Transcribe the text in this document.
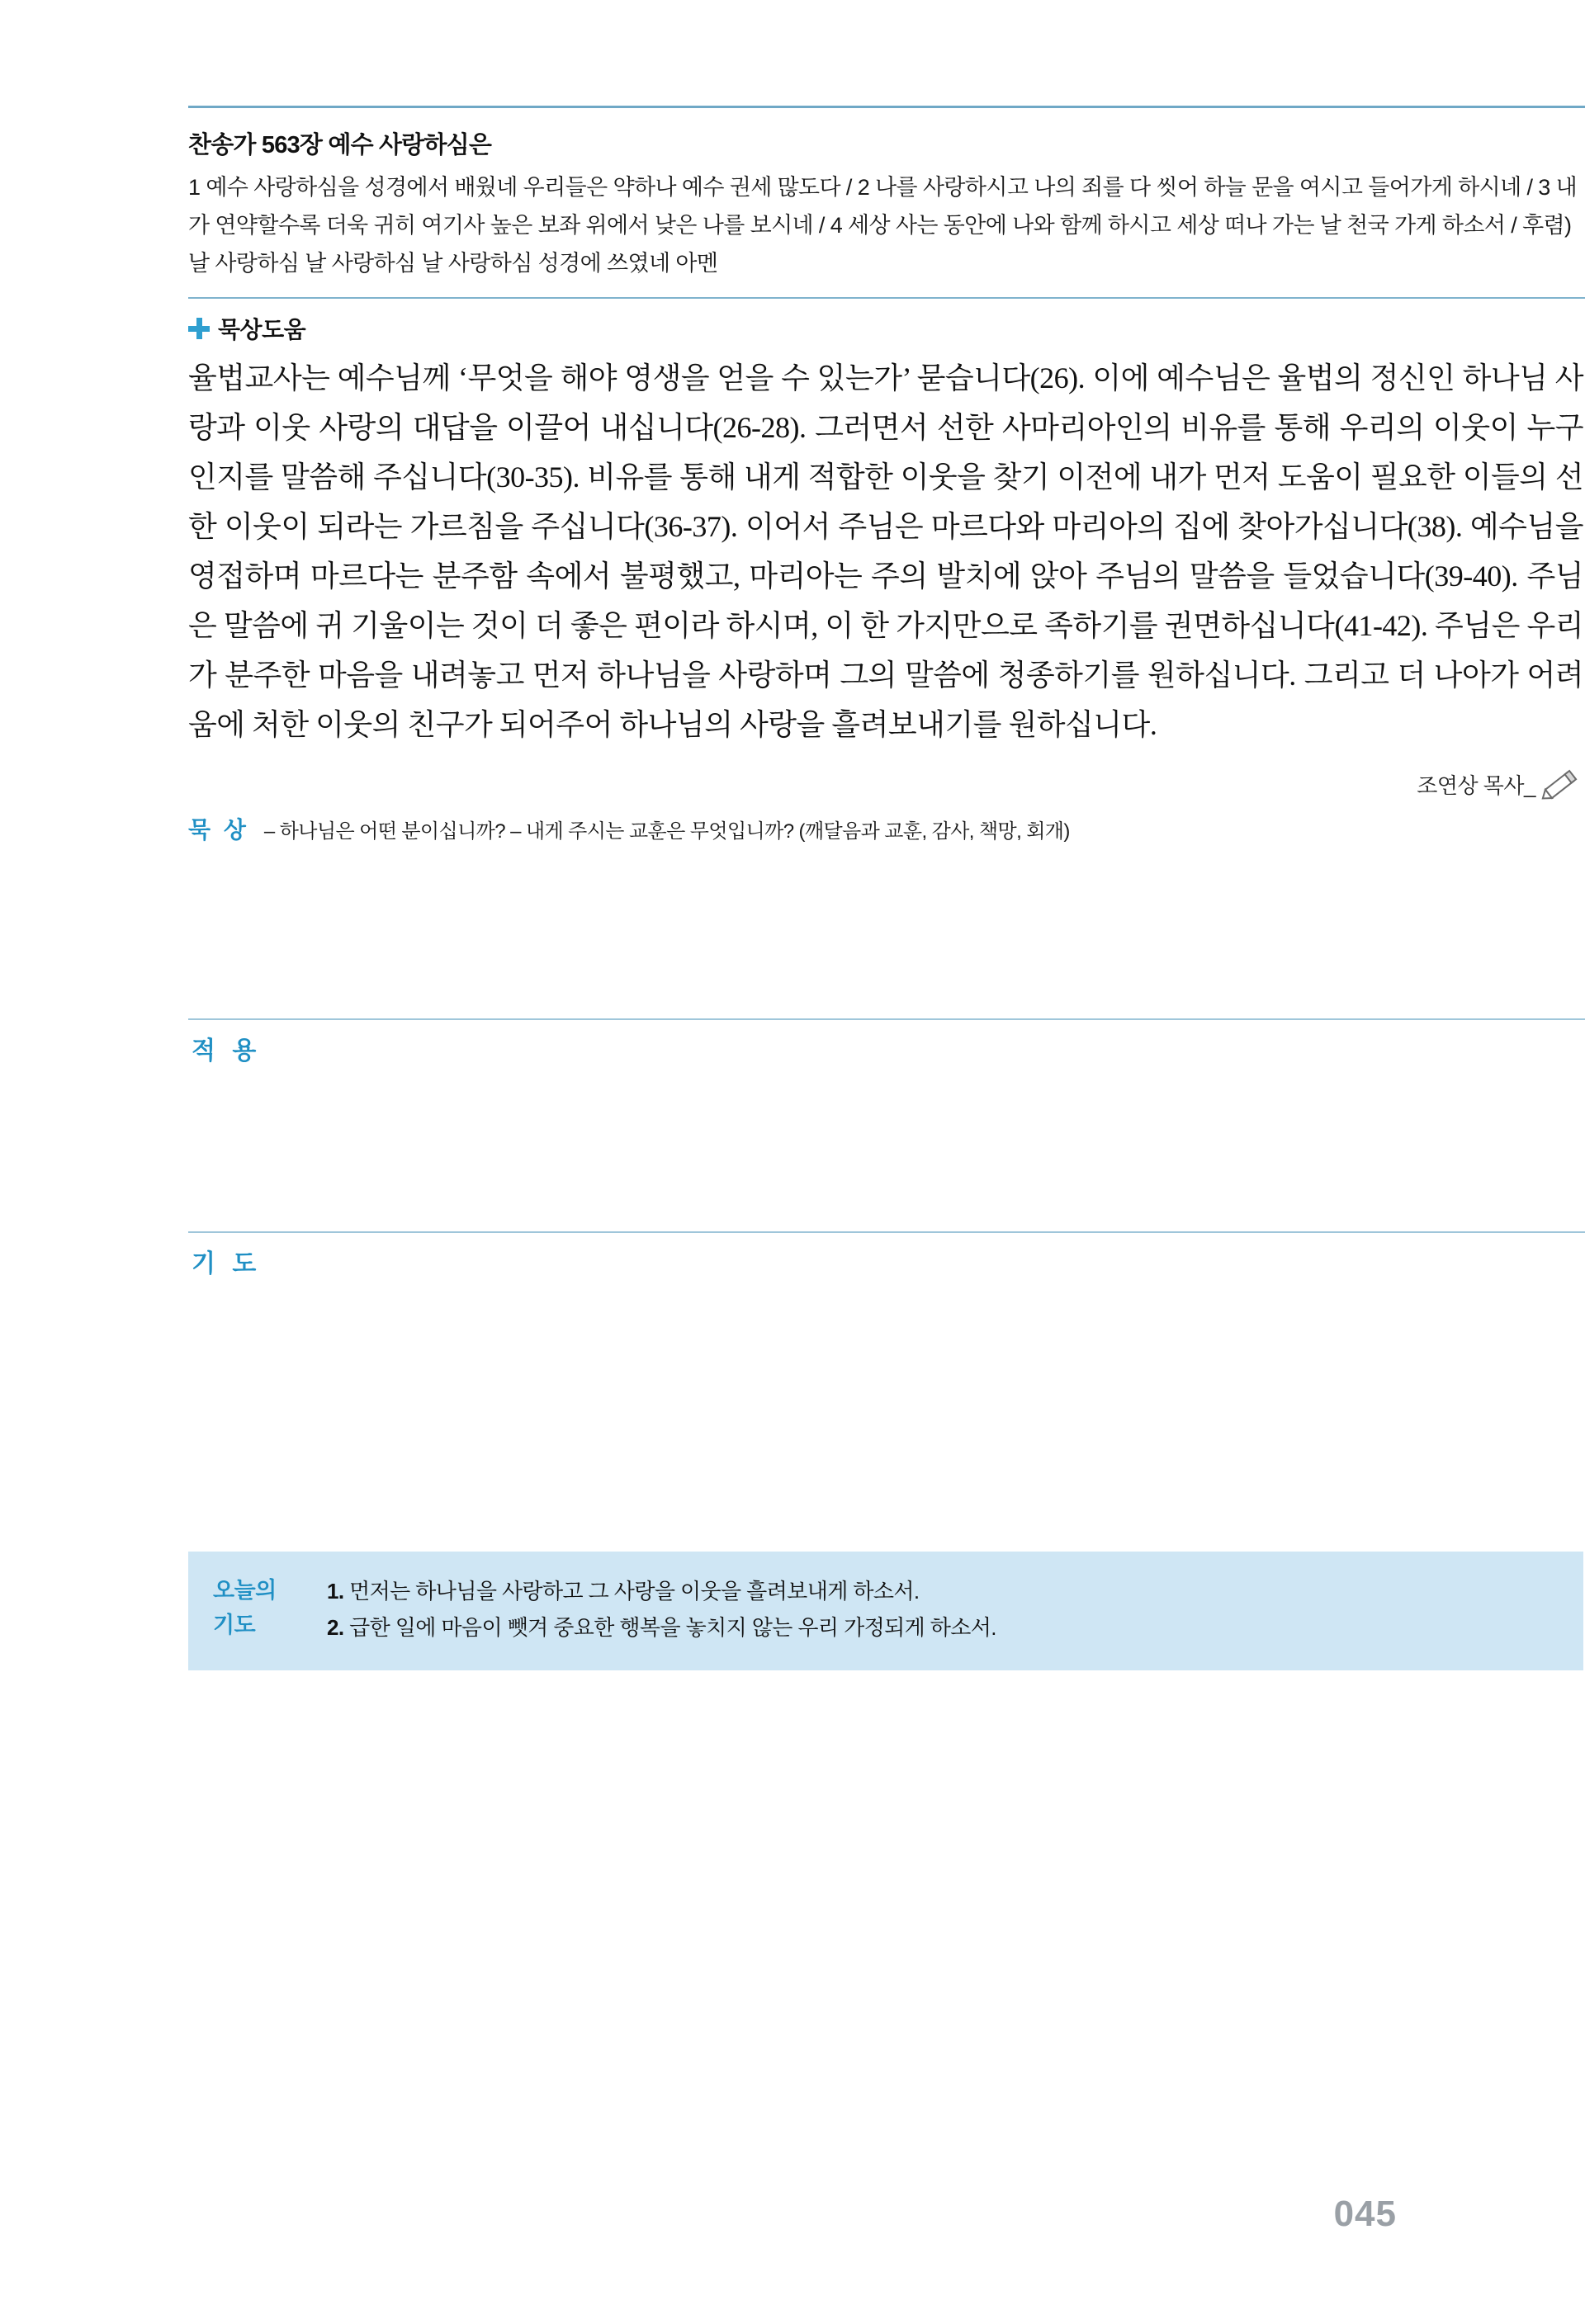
찬송가 563장 예수 사랑하심은
1 예수 사랑하심을 성경에서 배웠네 우리들은 약하나 예수 권세 많도다 / 2 나를 사랑하시고 나의 죄를 다 씻어 하늘 문을 여시고 들어가게 하시네 / 3 내가 연약할수록 더욱 귀히 여기사 높은 보좌 위에서 낮은 나를 보시네 / 4 세상 사는 동안에 나와 함께 하시고 세상 떠나 가는 날 천국 가게 하소서 / 후렴) 날 사랑하심 날 사랑하심 날 사랑하심 성경에 쓰였네 아멘
묵상도움
율법교사는 예수님께 ‘무엇을 해야 영생을 얻을 수 있는가’ 묻습니다(26). 이에 예수님은 율법의 정신인 하나님 사랑과 이웃 사랑의 대답을 이끌어 내십니다(26-28). 그러면서 선한 사마리아인의 비유를 통해 우리의 이웃이 누구인지를 말씀해 주십니다(30-35). 비유를 통해 내게 적합한 이웃을 찾기 이전에 내가 먼저 도움이 필요한 이들의 선한 이웃이 되라는 가르침을 주십니다(36-37). 이어서 주님은 마르다와 마리아의 집에 찾아가십니다(38). 예수님을 영접하며 마르다는 분주함 속에서 불평했고, 마리아는 주의 발치에 앉아 주님의 말씀을 들었습니다(39-40). 주님은 말씀에 귀 기울이는 것이 더 좋은 편이라 하시며, 이 한 가지만으로 족하기를 권면하십니다(41-42). 주님은 우리가 분주한 마음을 내려놓고 먼저 하나님을 사랑하며 그의 말씀에 청종하기를 원하십니다. 그리고 더 나아가 어려움에 처한 이웃의 친구가 되어주어 하나님의 사랑을 흘려보내기를 원하십니다.
조연상 목사_
묵 상 – 하나님은 어떤 분이십니까? – 내게 주시는 교훈은 무엇입니까? (깨달음과 교훈, 감사, 책망, 회개)
적 용
기 도
오늘의
기도
1. 먼저는 하나님을 사랑하고 그 사랑을 이웃을 흘려보내게 하소서.
2. 급한 일에 마음이 뺏겨 중요한 행복을 놓치지 않는 우리 가정되게 하소서.
045
